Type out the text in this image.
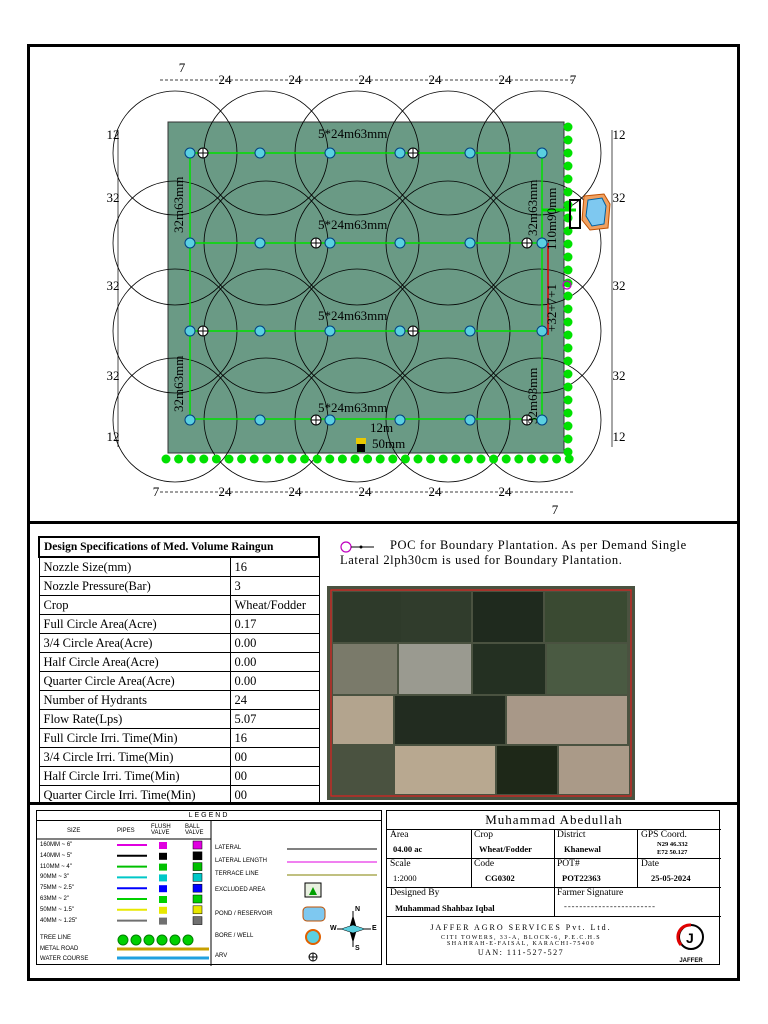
7
24	24	24	24	24	7
7	24	24	24	24	24
7
12
32
32
32
12
12
32
32
32
12
5*24m63mm
5*24m63mm
5*24m63mm
5*24m63mm
32m63mm
32m63mm
32m63mm
32m63mm
110m90mm
+32+7+1
12m
50mm
Design Specifications of Med. Volume Raingun	
Nozzle Size(mm)	16
Nozzle Pressure(Bar)	3
Crop	Wheat/Fodder
Full Circle Area(Acre)	0.17
3/4 Circle Area(Acre)	0.00
Half Circle Area(Acre)	0.00
Quarter Circle Area(Acre)	0.00
Number of Hydrants	24
Flow Rate(Lps)	5.07
Full Circle Irri. Time(Min)	16
3/4 Circle Irri. Time(Min)	00
Half Circle Irri. Time(Min)	00
Quarter Circle Irri. Time(Min)	00
POC for Boundary Plantation. As per Demand Single
Lateral 2lph30cm is used for Boundary Plantation.
LEGEND
SIZE	PIPES
FLUSH VALVE
BALL VALVE
160MM ~ 6"
140MM ~ 5"
110MM ~ 4"
90MM ~ 3"
75MM ~ 2.5"
63MM ~ 2"
50MM ~ 1.5"
40MM ~ 1.25"
N
S
E
W
TREE LINE
METAL ROAD
WATER COURSE
LATERAL
LATERAL LENGTH
TERRACE LINE
EXCLUDED AREA
POND / RESERVOIR
BORE / WELL
ARV
Muhammad Abedullah
Area
04.00 ac
Crop
Wheat/Fodder
District
Khanewal
GPS Coord.
N29 46.332
E72 50.127
Scale
1:2000
Code
CG0302
POT#
POT22363
Date
25-05-2024
Designed By
Muhammad Shahbaz Iqbal
Farmer Signature
------------------------
JAFFER AGRO SERVICES Pvt. Ltd.
CITI TOWERS, 33-A, BLOCK-6, P.E.C.H.S
SHAHRAH-E-FAISAL, KARACHI-75400
UAN: 111-527-527
J
JAFFER
